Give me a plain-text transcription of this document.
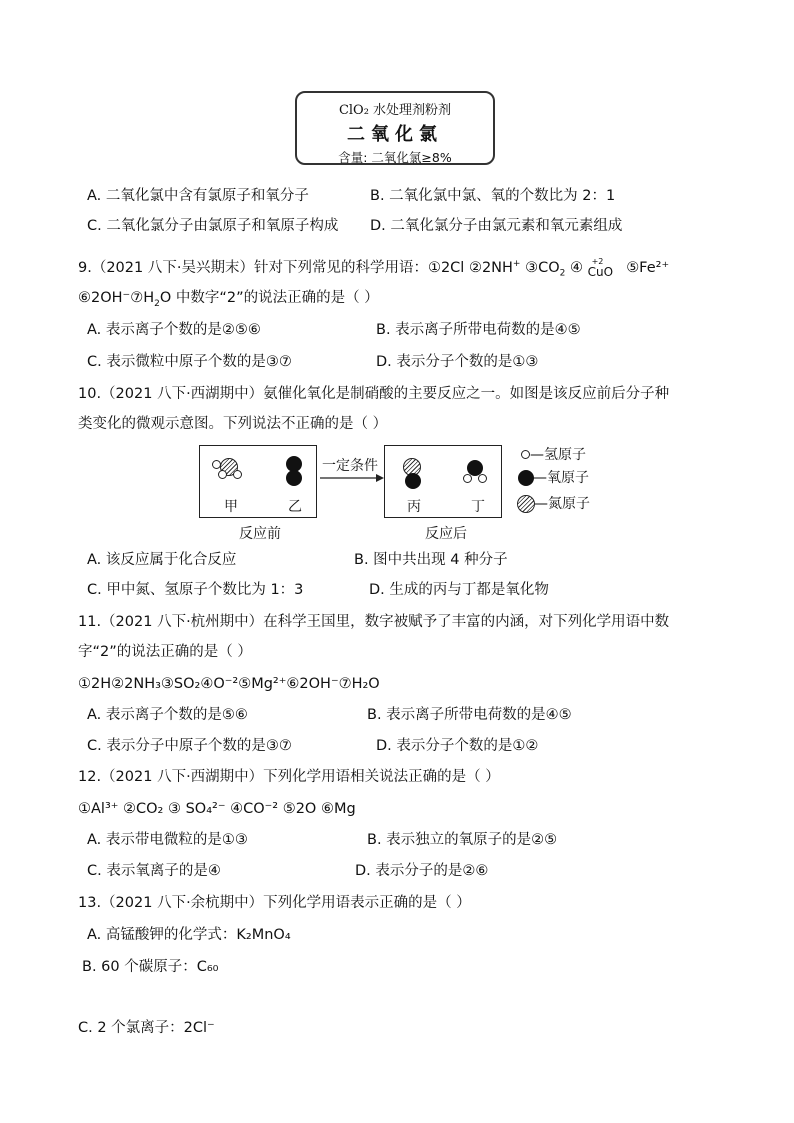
ClO₂ 水处理剂粉剂
二氧化氯
含量: 二氧化氯≥8%
A. 二氧化氯中含有氯原子和氧分子	B. 二氧化氯中氯、氧的个数比为 2：1
C. 二氧化氯分子由氯原子和氧原子构成 D. 二氧化氯分子由氯元素和氧元素组成
9.（2021 八下·吴兴期末）针对下列常见的科学用语：①2Cl ②2NH+ $③CO_2$ ④ +2
CuO ⑤Fe²⁺
$⑥2OH^-⑦H_2O$ 中数字“2”的说法正确的是（ ）
A. 表示离子个数的是②⑤⑥	B. 表示离子所带电荷数的是④⑤
C. 表示微粒中原子个数的是③⑦	D. 表示分子个数的是①③
10.（2021 八下·西湖期中）氨催化氧化是制硝酸的主要反应之一。如图是该反应前后分子种
类变化的微观示意图。下列说法不正确的是（ ）
甲	乙
一定条件
丙	丁
反应前	反应后
—氢原子
—氧原子
—氮原子
A. 该反应属于化合反应	B. 图中共出现 4 种分子
C. 甲中氮、氢原子个数比为 1：3	D. 生成的丙与丁都是氧化物
11.（2021 八下·杭州期中）在科学王国里，数字被赋予了丰富的内涵，对下列化学用语中数
字“2”的说法正确的是（ ）
①2H②2NH₃③SO₂④O⁻²⑤Mg²⁺⑥2OH⁻⑦H₂O
A. 表示离子个数的是⑤⑥	B. 表示离子所带电荷数的是④⑤
C. 表示分子中原子个数的是③⑦	D. 表示分子个数的是①②
12.（2021 八下·西湖期中）下列化学用语相关说法正确的是（ ）
①Al³⁺ ②CO₂ ③ SO₄²⁻ ④CO⁻² ⑤2O ⑥Mg
A. 表示带电微粒的是①③	B. 表示独立的氧原子的是②⑤
C. 表示氧离子的是④	D. 表示分子的是②⑥
13.（2021 八下·余杭期中）下列化学用语表示正确的是（ ）
A. 高锰酸钾的化学式：K₂MnO₄
B. 60 个碳原子：C₆₀
C. 2 个氯离子：2Cl⁻
